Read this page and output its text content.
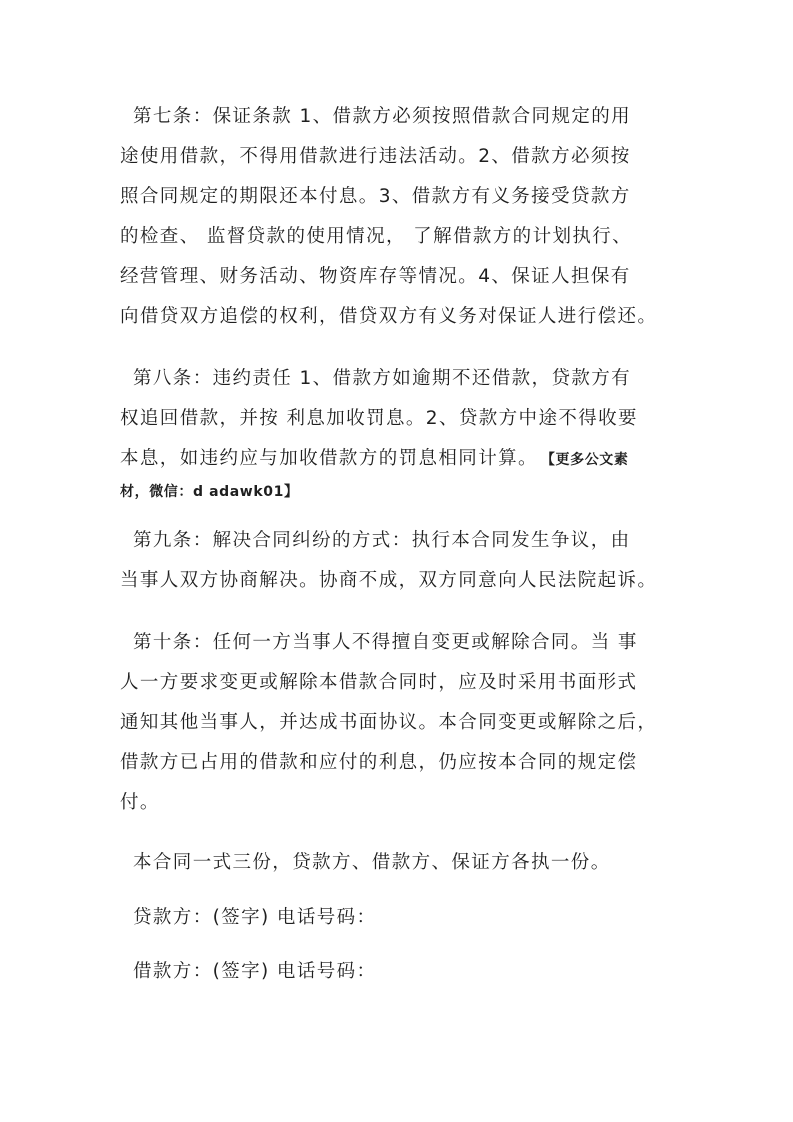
第七条：保证条款 1、借款方必须按照借款合同规定的用
途使用借款，不得用借款进行违法活动。2、借款方必须按
照合同规定的期限还本付息。3、借款方有义务接受贷款方
的检查、 监督贷款的使用情况， 了解借款方的计划执行、
经营管理、财务活动、物资库存等情况。4、保证人担保有
向借贷双方追偿的权利，借贷双方有义务对保证人进行偿还。
第八条：违约责任 1、借款方如逾期不还借款，贷款方有
权追回借款，并按 利息加收罚息。2、贷款方中途不得收要
本息，如违约应与加收借款方的罚息相同计算。 【更多公文素
材，微信：d adawk01】
第九条：解决合同纠纷的方式：执行本合同发生争议，由
当事人双方协商解决。协商不成，双方同意向人民法院起诉。
第十条：任何一方当事人不得擅自变更或解除合同。当 事
人一方要求变更或解除本借款合同时，应及时采用书面形式
通知其他当事人，并达成书面协议。本合同变更或解除之后，
借款方已占用的借款和应付的利息，仍应按本合同的规定偿
付。
本合同一式三份，贷款方、借款方、保证方各执一份。
贷款方：(签字) 电话号码：
借款方：(签字) 电话号码：
